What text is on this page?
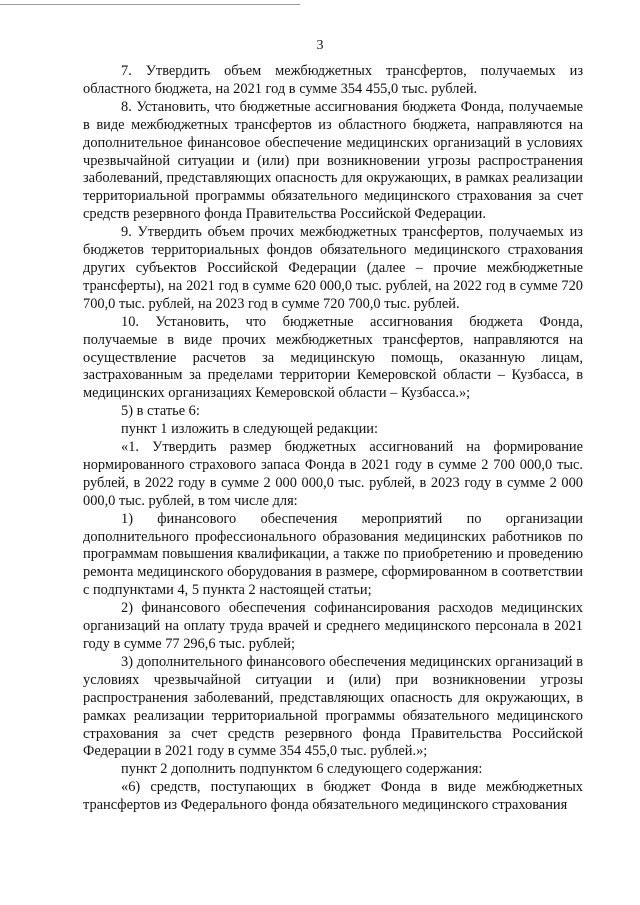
3

7. Утвердить объем межбюджетных трансфертов, получаемых из областного бюджета, на 2021 год в сумме 354 455,0 тыс. рублей.

8. Установить, что бюджетные ассигнования бюджета Фонда, получаемые в виде межбюджетных трансфертов из областного бюджета, направляются на дополнительное финансовое обеспечение медицинских организаций в условиях чрезвычайной ситуации и (или) при возникновении угрозы распространения заболеваний, представляющих опасность для окружающих, в рамках реализации территориальной программы обязательного медицинского страхования за счет средств резервного фонда Правительства Российской Федерации.

9. Утвердить объем прочих межбюджетных трансфертов, получаемых из бюджетов территориальных фондов обязательного медицинского страхования других субъектов Российской Федерации (далее – прочие межбюджетные трансферты), на 2021 год в сумме 620 000,0 тыс. рублей, на 2022 год в сумме 720 700,0 тыс. рублей, на 2023 год в сумме 720 700,0 тыс. рублей.

10. Установить, что бюджетные ассигнования бюджета Фонда, получаемые в виде прочих межбюджетных трансфертов, направляются на осуществление расчетов за медицинскую помощь, оказанную лицам, застрахованным за пределами территории Кемеровской области – Кузбасса, в медицинских организациях Кемеровской области – Кузбасса.»;

5) в статье 6:

пункт 1 изложить в следующей редакции:

«1. Утвердить размер бюджетных ассигнований на формирование нормированного страхового запаса Фонда в 2021 году в сумме 2 700 000,0 тыс. рублей, в 2022 году в сумме 2 000 000,0 тыс. рублей, в 2023 году в сумме 2 000 000,0 тыс. рублей, в том числе для:

1) финансового обеспечения мероприятий по организации дополнительного профессионального образования медицинских работников по программам повышения квалификации, а также по приобретению и проведению ремонта медицинского оборудования в размере, сформированном в соответствии с подпунктами 4, 5 пункта 2 настоящей статьи;

2) финансового обеспечения софинансирования расходов медицинских организаций на оплату труда врачей и среднего медицинского персонала в 2021 году в сумме 77 296,6 тыс. рублей;

3) дополнительного финансового обеспечения медицинских организаций в условиях чрезвычайной ситуации и (или) при возникновении угрозы распространения заболеваний, представляющих опасность для окружающих, в рамках реализации территориальной программы обязательного медицинского страхования за счет средств резервного фонда Правительства Российской Федерации в 2021 году в сумме 354 455,0 тыс. рублей.»;

пункт 2 дополнить подпунктом 6 следующего содержания:

«6) средств, поступающих в бюджет Фонда в виде межбюджетных трансфертов из Федерального фонда обязательного медицинского страхования
